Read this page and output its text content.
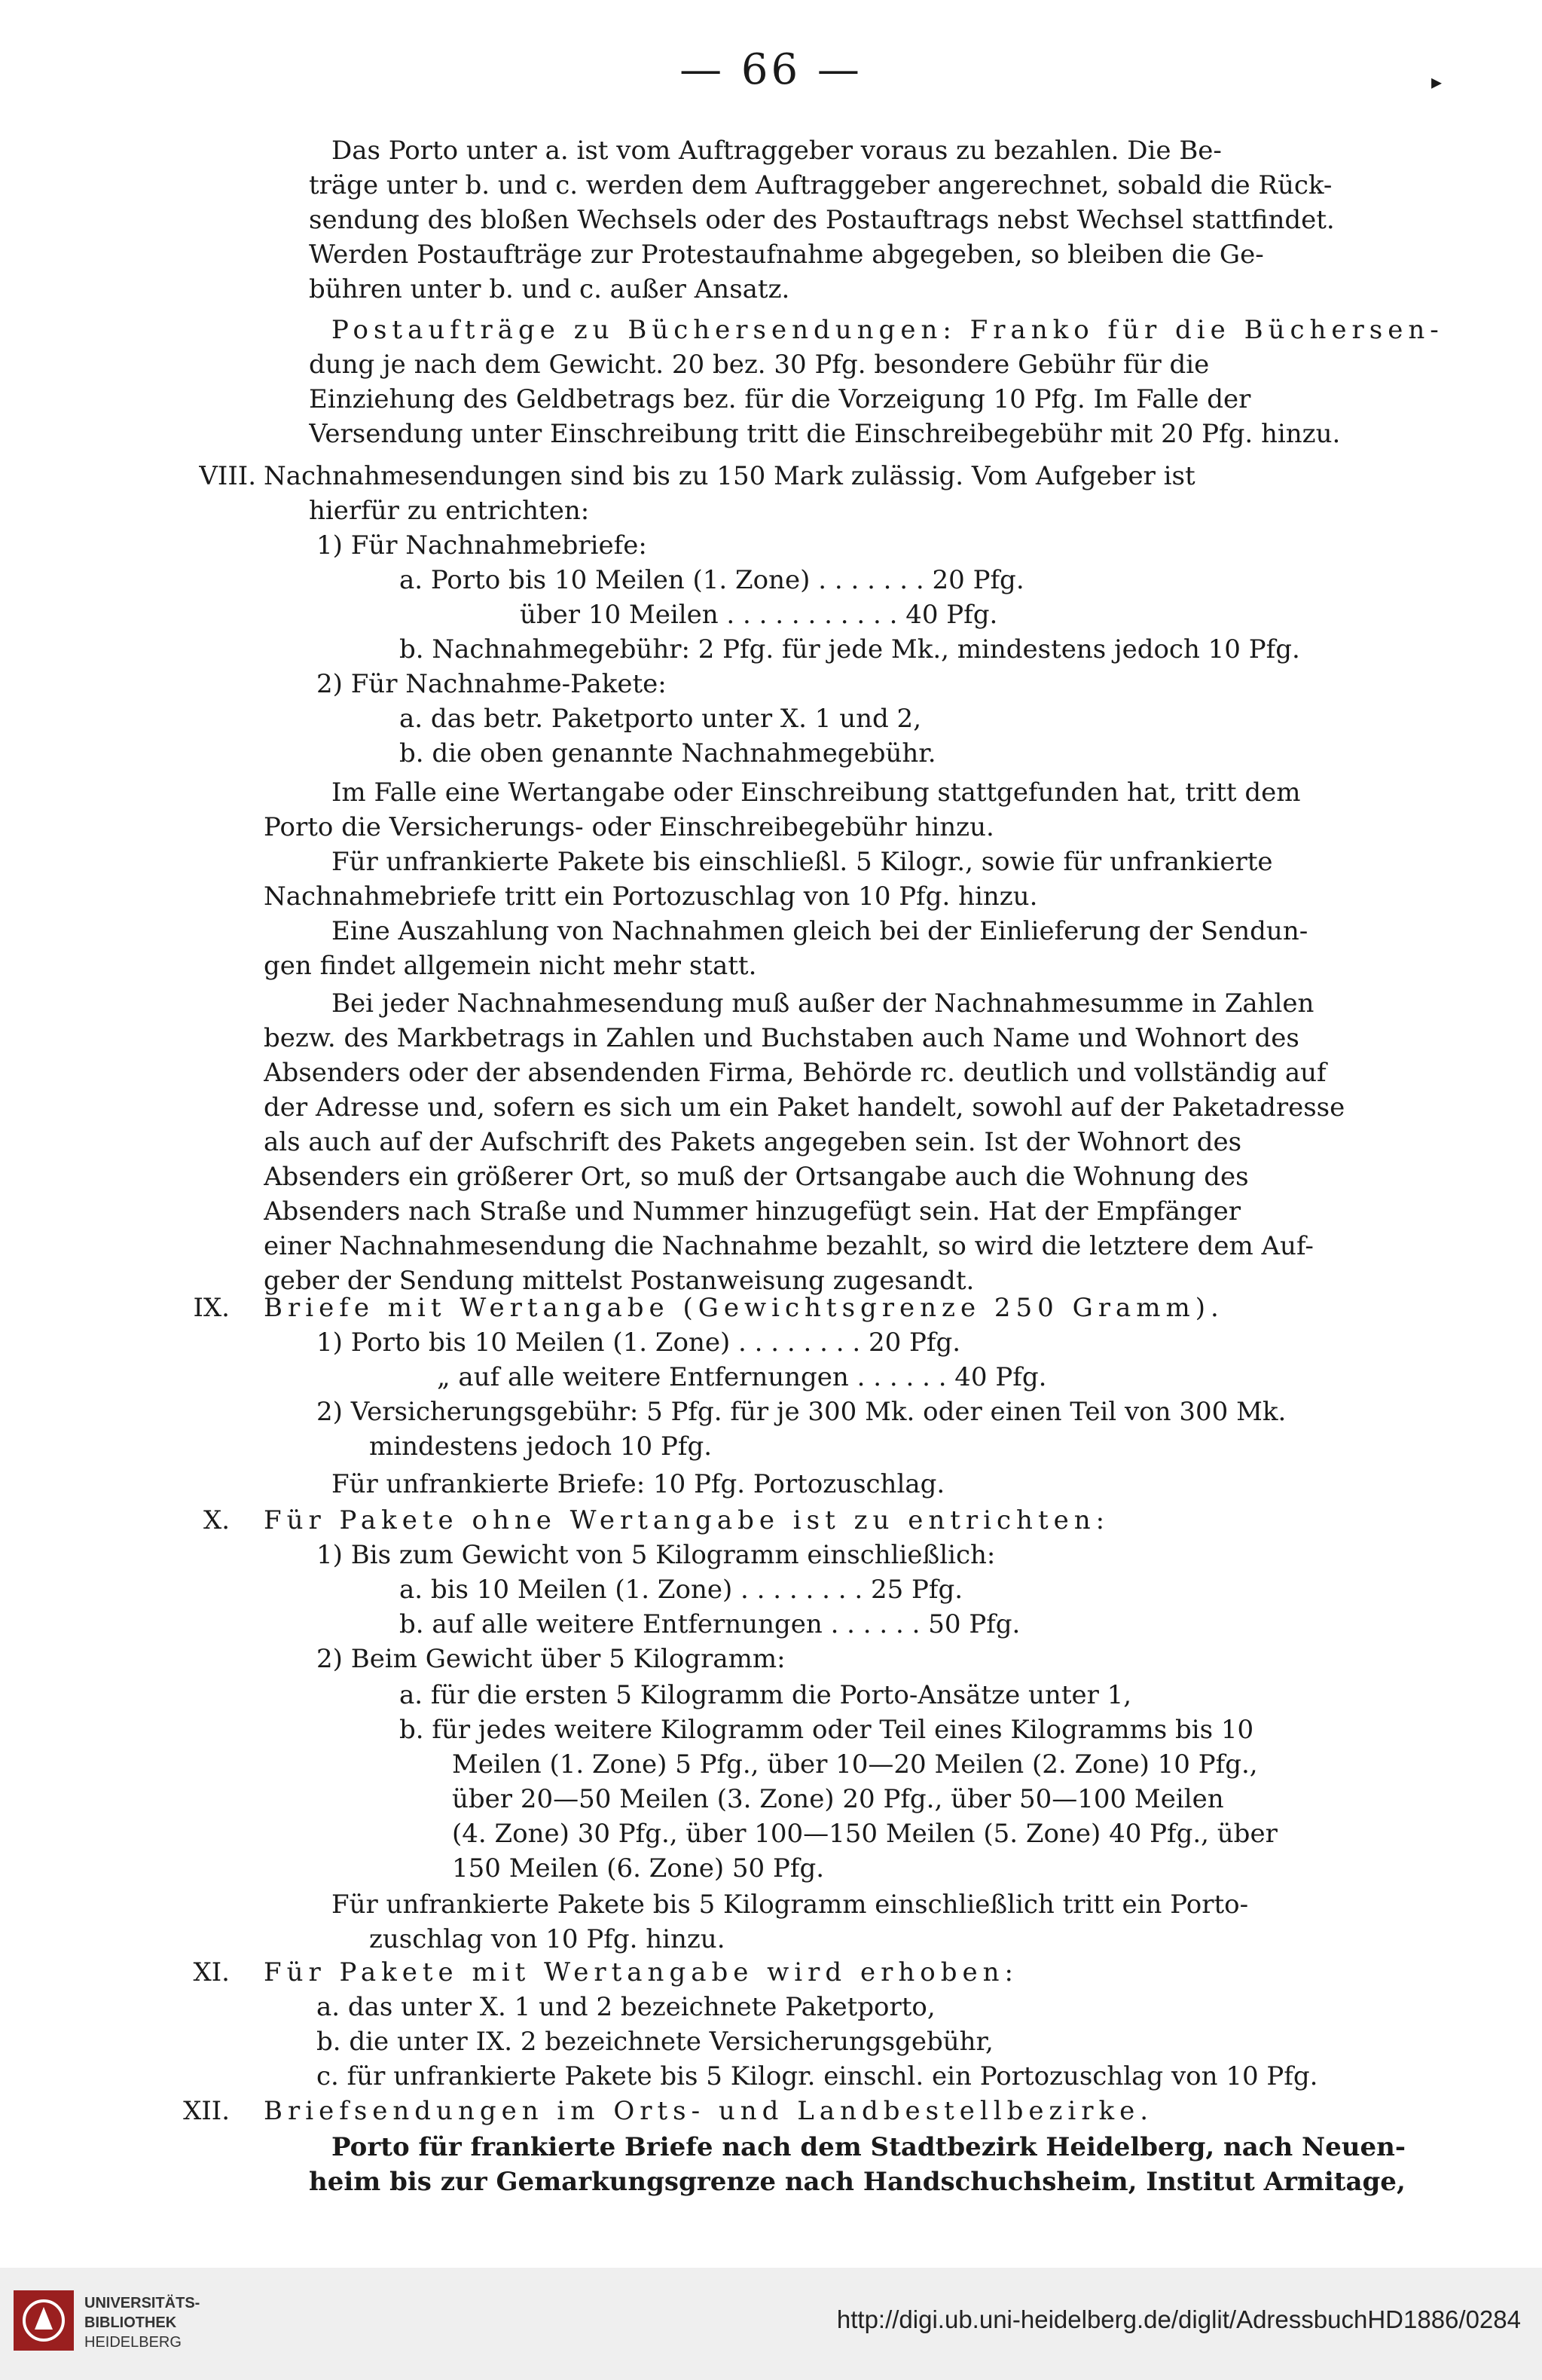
— 66 —	▸
VIII.
IX.
X.
XI.
XII.
Das Porto unter a. ist vom Auftraggeber voraus zu bezahlen. Die Be-
träge unter b. und c. werden dem Auftraggeber angerechnet, sobald die Rück-
sendung des bloßen Wechsels oder des Postauftrags nebst Wechsel stattfindet.
Werden Postaufträge zur Protestaufnahme abgegeben, so bleiben die Ge-
bühren unter b. und c. außer Ansatz.
Postaufträge zu Büchersendungen: Franko für die Büchersen-
dung je nach dem Gewicht. 20 bez. 30 Pfg. besondere Gebühr für die
Einziehung des Geldbetrags bez. für die Vorzeigung 10 Pfg. Im Falle der
Versendung unter Einschreibung tritt die Einschreibegebühr mit 20 Pfg. hinzu.
Nachnahmesendungen sind bis zu 150 Mark zulässig. Vom Aufgeber ist
hierfür zu entrichten:
1) Für Nachnahmebriefe:
a. Porto bis 10 Meilen (1. Zone) . . . . . . . 20 Pfg.
über 10 Meilen . . . . . . . . . . . 40 Pfg.
b. Nachnahmegebühr: 2 Pfg. für jede Mk., mindestens jedoch 10 Pfg.
2) Für Nachnahme-Pakete:
a. das betr. Paketporto unter X. 1 und 2,
b. die oben genannte Nachnahmegebühr.
Im Falle eine Wertangabe oder Einschreibung stattgefunden hat, tritt dem
Porto die Versicherungs- oder Einschreibegebühr hinzu.
Für unfrankierte Pakete bis einschließl. 5 Kilogr., sowie für unfrankierte
Nachnahmebriefe tritt ein Portozuschlag von 10 Pfg. hinzu.
Eine Auszahlung von Nachnahmen gleich bei der Einlieferung der Sendun-
gen findet allgemein nicht mehr statt.
Bei jeder Nachnahmesendung muß außer der Nachnahmesumme in Zahlen
bezw. des Markbetrags in Zahlen und Buchstaben auch Name und Wohnort des
Absenders oder der absendenden Firma, Behörde rc. deutlich und vollständig auf
der Adresse und, sofern es sich um ein Paket handelt, sowohl auf der Paketadresse
als auch auf der Aufschrift des Pakets angegeben sein. Ist der Wohnort des
Absenders ein größerer Ort, so muß der Ortsangabe auch die Wohnung des
Absenders nach Straße und Nummer hinzugefügt sein. Hat der Empfänger
einer Nachnahmesendung die Nachnahme bezahlt, so wird die letztere dem Auf-
geber der Sendung mittelst Postanweisung zugesandt.
Briefe mit Wertangabe (Gewichtsgrenze 250 Gramm).
1) Porto bis 10 Meilen (1. Zone) . . . . . . . . 20 Pfg.
„ auf alle weitere Entfernungen . . . . . . 40 Pfg.
2) Versicherungsgebühr: 5 Pfg. für je 300 Mk. oder einen Teil von 300 Mk.
mindestens jedoch 10 Pfg.
Für unfrankierte Briefe: 10 Pfg. Portozuschlag.
Für Pakete ohne Wertangabe ist zu entrichten:
1) Bis zum Gewicht von 5 Kilogramm einschließlich:
a. bis 10 Meilen (1. Zone) . . . . . . . . 25 Pfg.
b. auf alle weitere Entfernungen . . . . . . 50 Pfg.
2) Beim Gewicht über 5 Kilogramm:
a. für die ersten 5 Kilogramm die Porto-Ansätze unter 1,
b. für jedes weitere Kilogramm oder Teil eines Kilogramms bis 10
Meilen (1. Zone) 5 Pfg., über 10—20 Meilen (2. Zone) 10 Pfg.,
über 20—50 Meilen (3. Zone) 20 Pfg., über 50—100 Meilen
(4. Zone) 30 Pfg., über 100—150 Meilen (5. Zone) 40 Pfg., über
150 Meilen (6. Zone) 50 Pfg.
Für unfrankierte Pakete bis 5 Kilogramm einschließlich tritt ein Porto-
zuschlag von 10 Pfg. hinzu.
Für Pakete mit Wertangabe wird erhoben:
a. das unter X. 1 und 2 bezeichnete Paketporto,
b. die unter IX. 2 bezeichnete Versicherungsgebühr,
c. für unfrankierte Pakete bis 5 Kilogr. einschl. ein Portozuschlag von 10 Pfg.
Briefsendungen im Orts- und Landbestellbezirke.
Porto für frankierte Briefe nach dem Stadtbezirk Heidelberg, nach Neuen-
heim bis zur Gemarkungsgrenze nach Handschuchsheim, Institut Armitage,
UNIVERSITÄTS-
BIBLIOTHEK
HEIDELBERG
http://digi.ub.uni-heidelberg.de/diglit/AdressbuchHD1886/0284
